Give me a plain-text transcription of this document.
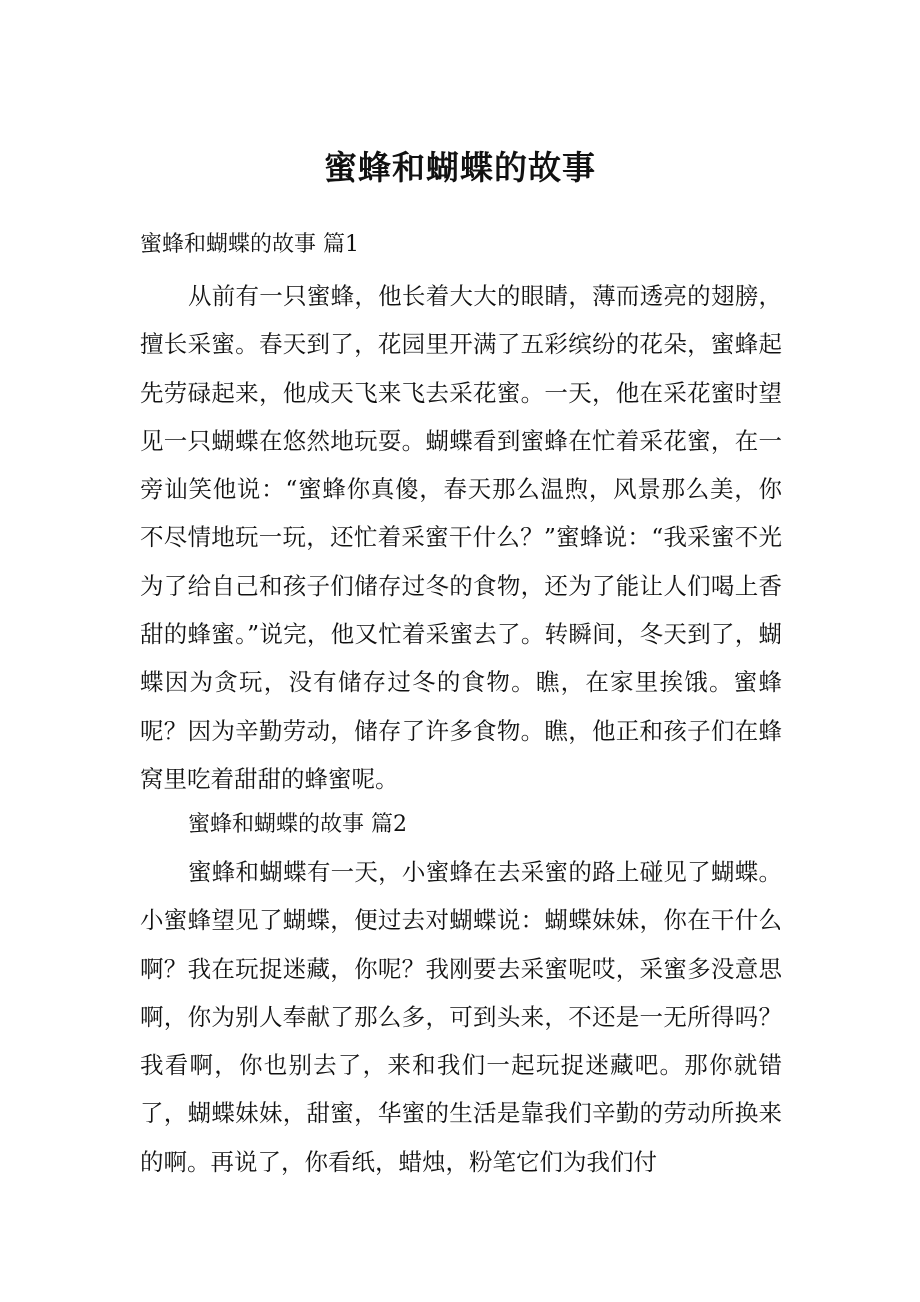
蜜蜂和蝴蝶的故事

蜜蜂和蝴蝶的故事 篇1

从前有一只蜜蜂，他长着大大的眼睛，薄而透亮的翅膀，擅长采蜜。春天到了，花园里开满了五彩缤纷的花朵，蜜蜂起先劳碌起来，他成天飞来飞去采花蜜。一天，他在采花蜜时望见一只蝴蝶在悠然地玩耍。蝴蝶看到蜜蜂在忙着采花蜜，在一旁讪笑他说：“蜜蜂你真傻，春天那么温煦，风景那么美，你不尽情地玩一玩，还忙着采蜜干什么？”蜜蜂说：“我采蜜不光为了给自己和孩子们储存过冬的食物，还为了能让人们喝上香甜的蜂蜜。”说完，他又忙着采蜜去了。转瞬间，冬天到了，蝴蝶因为贪玩，没有储存过冬的食物。瞧，在家里挨饿。蜜蜂呢？因为辛勤劳动，储存了许多食物。瞧，他正和孩子们在蜂窝里吃着甜甜的蜂蜜呢。

蜜蜂和蝴蝶的故事 篇2

蜜蜂和蝴蝶有一天，小蜜蜂在去采蜜的路上碰见了蝴蝶。小蜜蜂望见了蝴蝶，便过去对蝴蝶说：蝴蝶妹妹，你在干什么啊？我在玩捉迷藏，你呢？我刚要去采蜜呢哎，采蜜多没意思啊，你为别人奉献了那么多，可到头来，不还是一无所得吗？我看啊，你也别去了，来和我们一起玩捉迷藏吧。那你就错了，蝴蝶妹妹，甜蜜，华蜜的生活是靠我们辛勤的劳动所换来的啊。再说了，你看纸，蜡烛，粉笔它们为我们付
